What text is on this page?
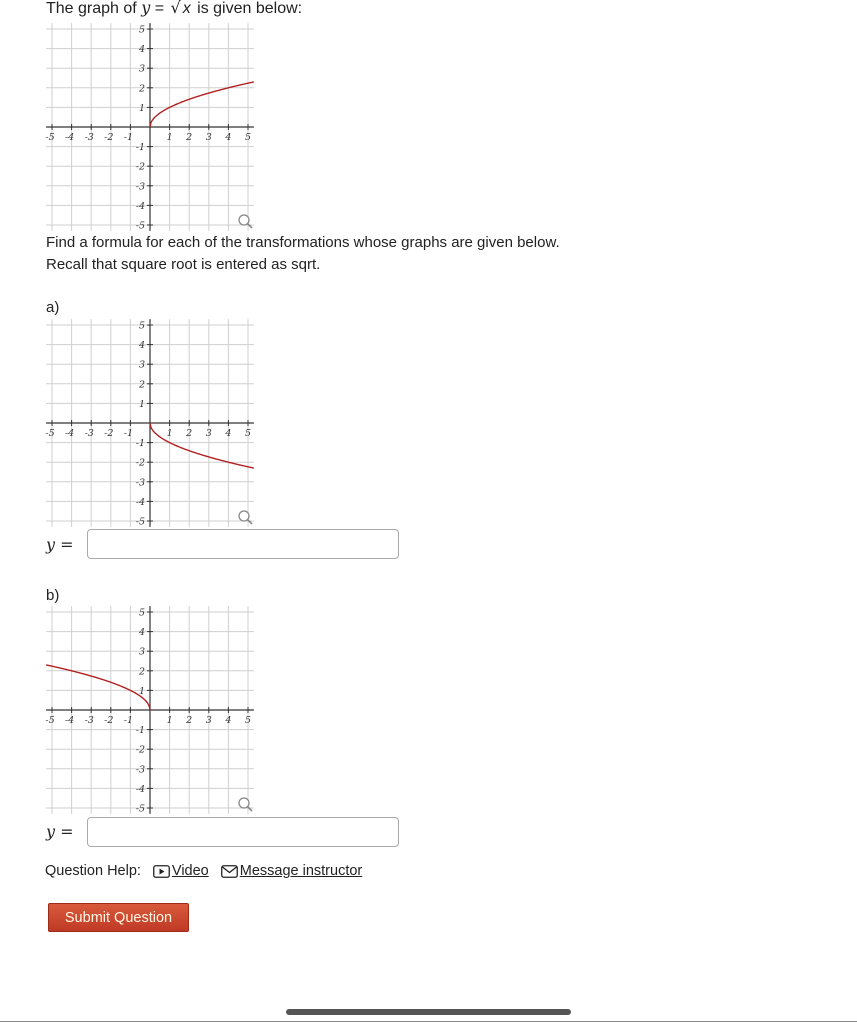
The graph of y = √ x is given below:
-5 -4 -3 -2 -1	1 2 3 4 5
5
4
3
2
1
-1
-2
-3
-4
-5
Find a formula for each of the transformations whose graphs are given below.
Recall that square root is entered as sqrt.
a)
-5 -4 -3 -2 -1	1 2 3 4 5
5
4
3
2
1
-1
-2
-3
-4
-5
y =
b)
-5 -4 -3 -2 -1	1 2 3 4 5
5
4
3
2
1
-1
-2
-3
-4
-5
y =
Question Help: Video Message instructor
Submit Question
